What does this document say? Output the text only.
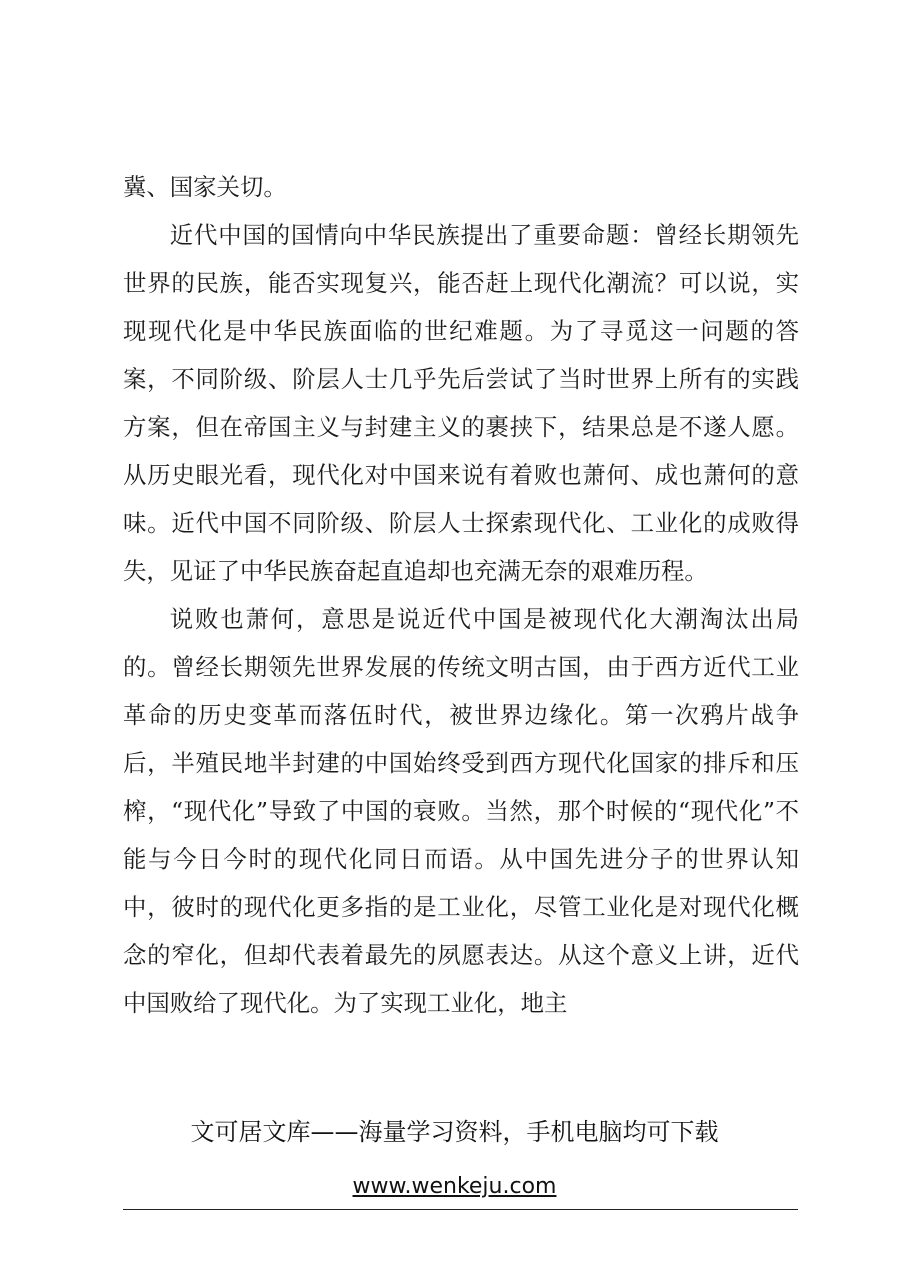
冀、国家关切。

近代中国的国情向中华民族提出了重要命题：曾经长期领先世界的民族，能否实现复兴，能否赶上现代化潮流？可以说，实现现代化是中华民族面临的世纪难题。为了寻觅这一问题的答案，不同阶级、阶层人士几乎先后尝试了当时世界上所有的实践方案，但在帝国主义与封建主义的裹挟下，结果总是不遂人愿。从历史眼光看，现代化对中国来说有着败也萧何、成也萧何的意味。近代中国不同阶级、阶层人士探索现代化、工业化的成败得失，见证了中华民族奋起直追却也充满无奈的艰难历程。

说败也萧何，意思是说近代中国是被现代化大潮淘汰出局的。曾经长期领先世界发展的传统文明古国，由于西方近代工业革命的历史变革而落伍时代，被世界边缘化。第一次鸦片战争后，半殖民地半封建的中国始终受到西方现代化国家的排斥和压榨，“现代化”导致了中国的衰败。当然，那个时候的“现代化”不能与今日今时的现代化同日而语。从中国先进分子的世界认知中，彼时的现代化更多指的是工业化，尽管工业化是对现代化概念的窄化，但却代表着最先的夙愿表达。从这个意义上讲，近代中国败给了现代化。为了实现工业化，地主

文可居文库——海量学习资料，手机电脑均可下载
www.wenkeju.com
